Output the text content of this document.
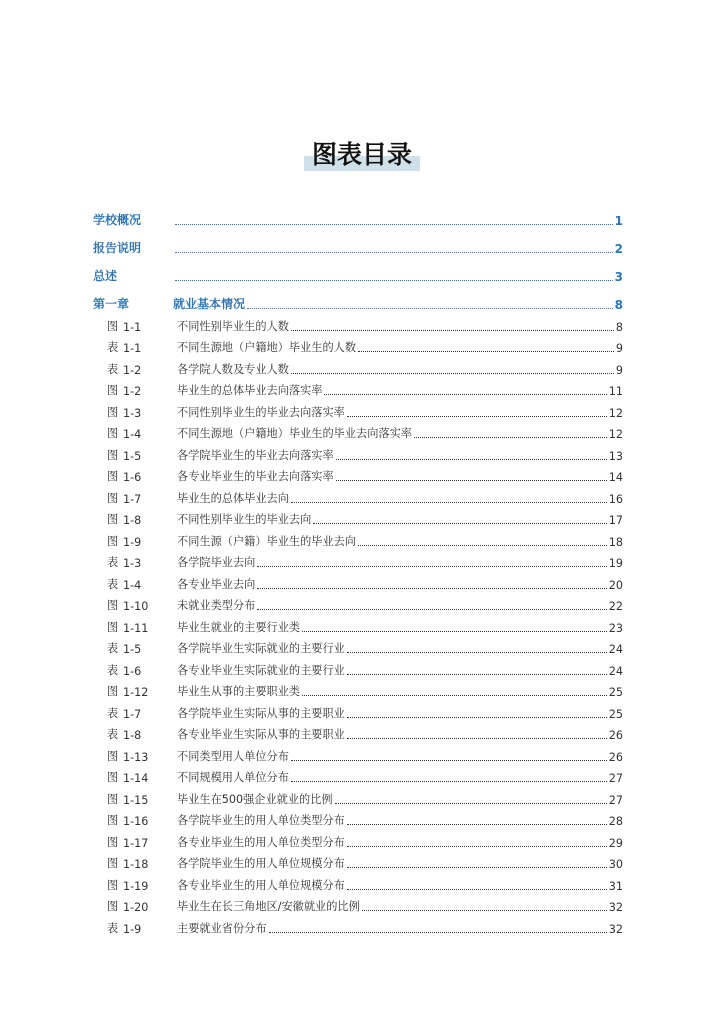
图表目录
学校概况	1
报告说明	2
总述	3
第一章	就业基本情况	8
图 1-1	不同性别毕业生的人数	8
表 1-1	不同生源地（户籍地）毕业生的人数	9
表 1-2	各学院人数及专业人数	9
图 1-2	毕业生的总体毕业去向落实率	11
图 1-3	不同性别毕业生的毕业去向落实率	12
图 1-4	不同生源地（户籍地）毕业生的毕业去向落实率	12
图 1-5	各学院毕业生的毕业去向落实率	13
图 1-6	各专业毕业生的毕业去向落实率	14
图 1-7	毕业生的总体毕业去向	16
图 1-8	不同性别毕业生的毕业去向	17
图 1-9	不同生源（户籍）毕业生的毕业去向	18
表 1-3	各学院毕业去向	19
表 1-4	各专业毕业去向	20
图 1-10	未就业类型分布	22
图 1-11	毕业生就业的主要行业类	23
表 1-5	各学院毕业生实际就业的主要行业	24
表 1-6	各专业毕业生实际就业的主要行业	24
图 1-12	毕业生从事的主要职业类	25
表 1-7	各学院毕业生实际从事的主要职业	25
表 1-8	各专业毕业生实际从事的主要职业	26
图 1-13	不同类型用人单位分布	26
图 1-14	不同规模用人单位分布	27
图 1-15	毕业生在500强企业就业的比例	27
图 1-16	各学院毕业生的用人单位类型分布	28
图 1-17	各专业毕业生的用人单位类型分布	29
图 1-18	各学院毕业生的用人单位规模分布	30
图 1-19	各专业毕业生的用人单位规模分布	31
图 1-20	毕业生在长三角地区/安徽就业的比例	32
表 1-9	主要就业省份分布	32
